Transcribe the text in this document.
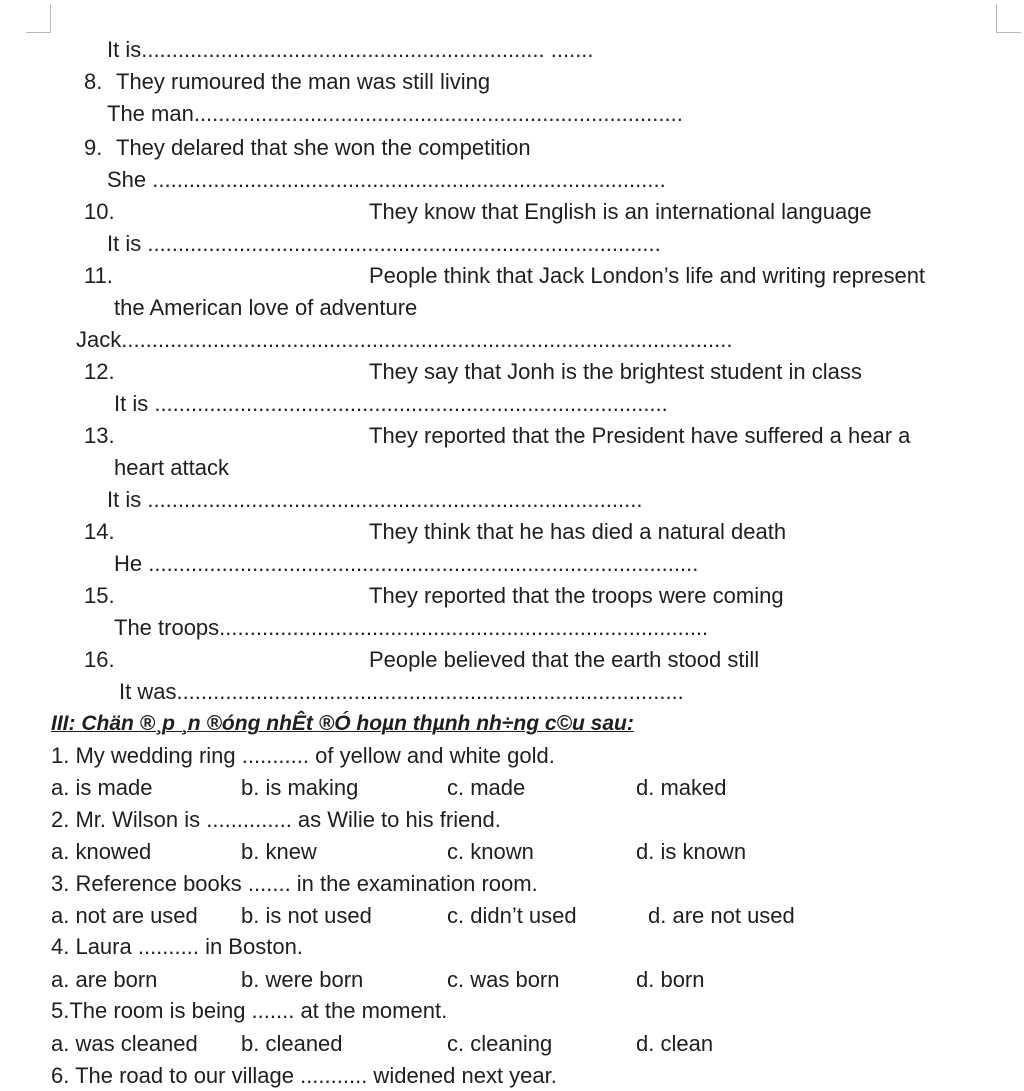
It is.................................................................. .......
8. They rumoured the man was still living
The man................................................................................
9. They delared that she won the competition
She ....................................................................................
10.	They know that English is an international language
It is ....................................................................................
11.	People think that Jack London’s life and writing represent
the American love of adventure
Jack....................................................................................................
12.	They say that Jonh is the brightest student in class
It is ....................................................................................
13.	They reported that the President have suffered a hear a
heart attack
It is .................................................................................
14.	They think that he has died a natural death
He ..........................................................................................
15.	They reported that the troops were coming
The troops................................................................................
16.	People believed that the earth stood still
It was...................................................................................
III: Chän ®¸p ¸n ®óng nhÊt ®Ó hoµn thµnh nh÷ng c©u sau:
1. My wedding ring ........... of yellow and white gold.
a. is made	b. is making	c. made	d. maked
2. Mr. Wilson is .............. as Wilie to his friend.
a. knowed	b. knew	c. known	d. is known
3. Reference books ....... in the examination room.
a. not are used b. is not used	c. didn’t used	d. are not used
4. Laura .......... in Boston.
a. are born	b. were born	c. was born	d. born
5.The room is being ....... at the moment.
a. was cleaned b. cleaned	c. cleaning	d. clean
6. The road to our village ........... widened next year.
